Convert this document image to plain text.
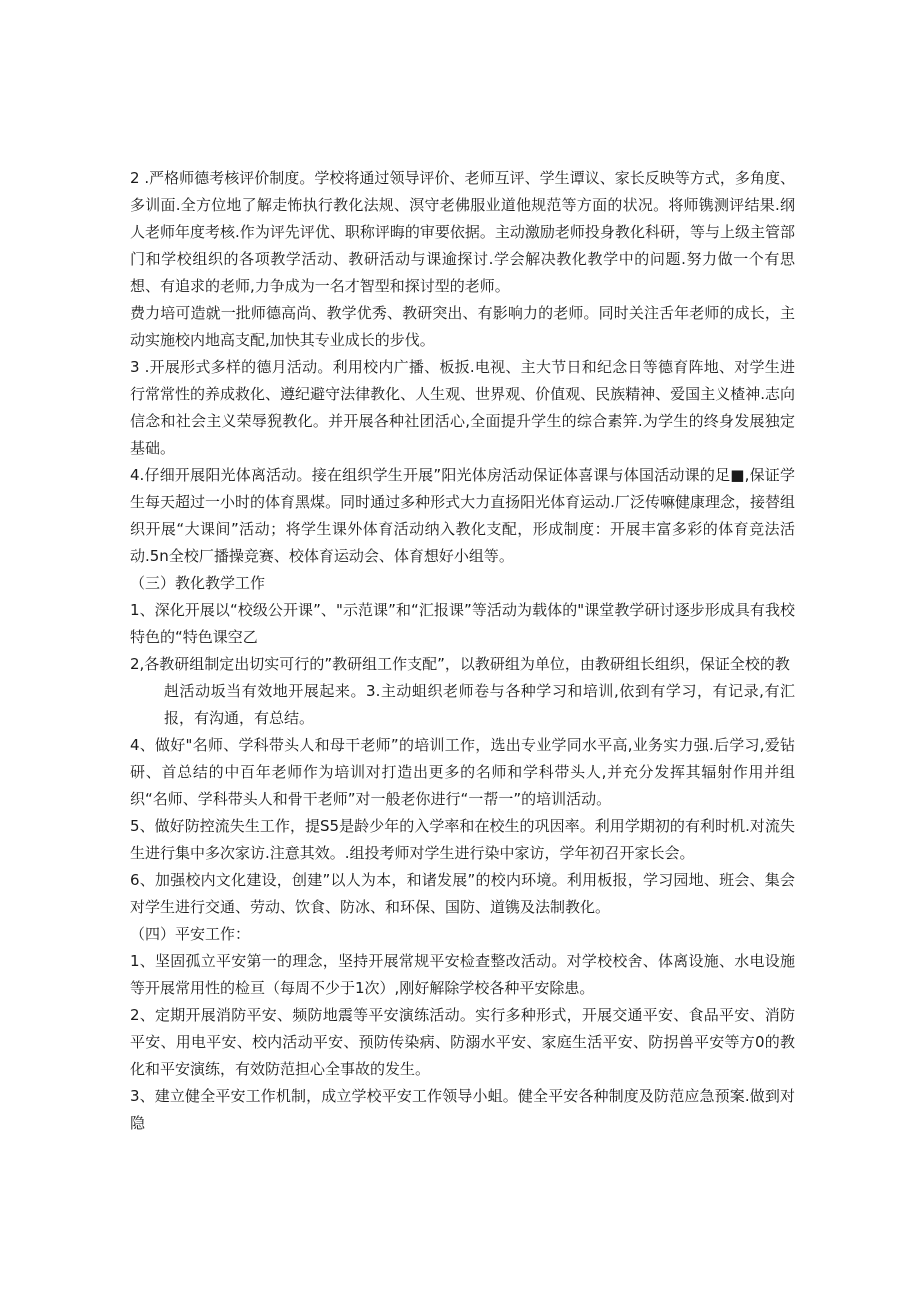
2 .严格师德考核评价制度。学校将通过领导评价、老师互评、学生谭议、家长反映等方式，多角度、多训面.全方位地了解走怖执行教化法规、溟守老佛服业道他规范等方面的状况。将师镌测评结果.纲人老师年度考核.作为评先评优、职称评晦的审要依据。主动激励老师投身教化科研，等与上级主管部门和学校组织的各项教学活动、教研活动与课逾探讨.学会解决教化教学中的问题.努力做一个有思想、有追求的老师,力争成为一名才智型和探讨型的老师。

费力培可造就一批师德高尚、教学优秀、教研突出、有影响力的老师。同时关注舌年老师的成长，主动实施校内地高支配,加快其专业成长的步伐。

3 .开展形式多样的德月活动。利用校内广播、板扳.电视、主大节日和纪念日等德育阵地、对学生进行常常性的养成救化、遵纪避守法律教化、人生观、世界观、价值观、民族精神、爱国主义楂神.志向信念和社会主义荣辱猊教化。并开展各种社团活心,全面提升学生的综合素笄.为学生的终身发展独定基础。

4.仔细开展阳光体离活动。接在组织学生开展”阳光体房活动保证体喜课与体国活动课的足■,保证学生每天超过一小时的体育黑煤。同时通过多种形式大力直扬阳光体育运动.厂泛传嘛健康理念，接替组织开展“大课间”活动；将学生课外体育活动纳入教化支配，形成制度：开展丰富多彩的体育竞法活动.5n全校厂播操竞赛、校体育运动会、体育想好小组等。

（三）教化教学工作

1、深化开展以“校级公开课”、"示范课”和“汇报课”等活动为载体的"课堂教学研讨逐步形成具有我校特色的“特色课空乙

2,各教研组制定出切实可行的”教研组工作支配”，以教研组为单位，由教研组长组织，保证全校的教
赳活动坂当有效地开展起来。3.主动蛆织老师卷与各种学习和培训,依到有学习，有记录,有汇报，有沟通，有总结。

4、做好"名师、学科带头人和母干老师”的培训工作，选出专业学同水平高,业务实力强.后学习,爱钻研、首总结的中百年老师作为培训对打造出更多的名师和学科带头人,并充分发挥其辐射作用并组织“名师、学科带头人和骨干老师”对一般老你进行“一帮一”的培训活动。

5、做好防控流失生工作，提S5是龄少年的入学率和在校生的巩因率。利用学期初的有利时机.对流失生进行集中多次家访.注意其效。.组投考师对学生进行染中家访，学年初召开家长会。

6、加强校内文化建设，创建”以人为本，和诸发展”的校内环境。利用板报，学习园地、班会、集会对学生进行交通、劳动、饮食、防冰、和环保、国防、道镌及法制教化。

（四）平安工作：

1、坚固孤立平安第一的理念，坚持开展常规平安检查整改活动。对学校校舍、体离设施、水电设施等开展常用性的检亘（每周不少于1次）,刚好解除学校各种平安除患。

2、定期开展消防平安、频防地震等平安演练活动。实行多种形式，开展交通平安、食品平安、消防平安、用电平安、校内活动平安、预防传染病、防溺水平安、家庭生活平安、防拐兽平安等方0的教化和平安演练，有效防范担心全事故的发生。

3、建立健全平安工作机制，成立学校平安工作领导小蛆。健全平安各种制度及防范应急预案.做到对隐
